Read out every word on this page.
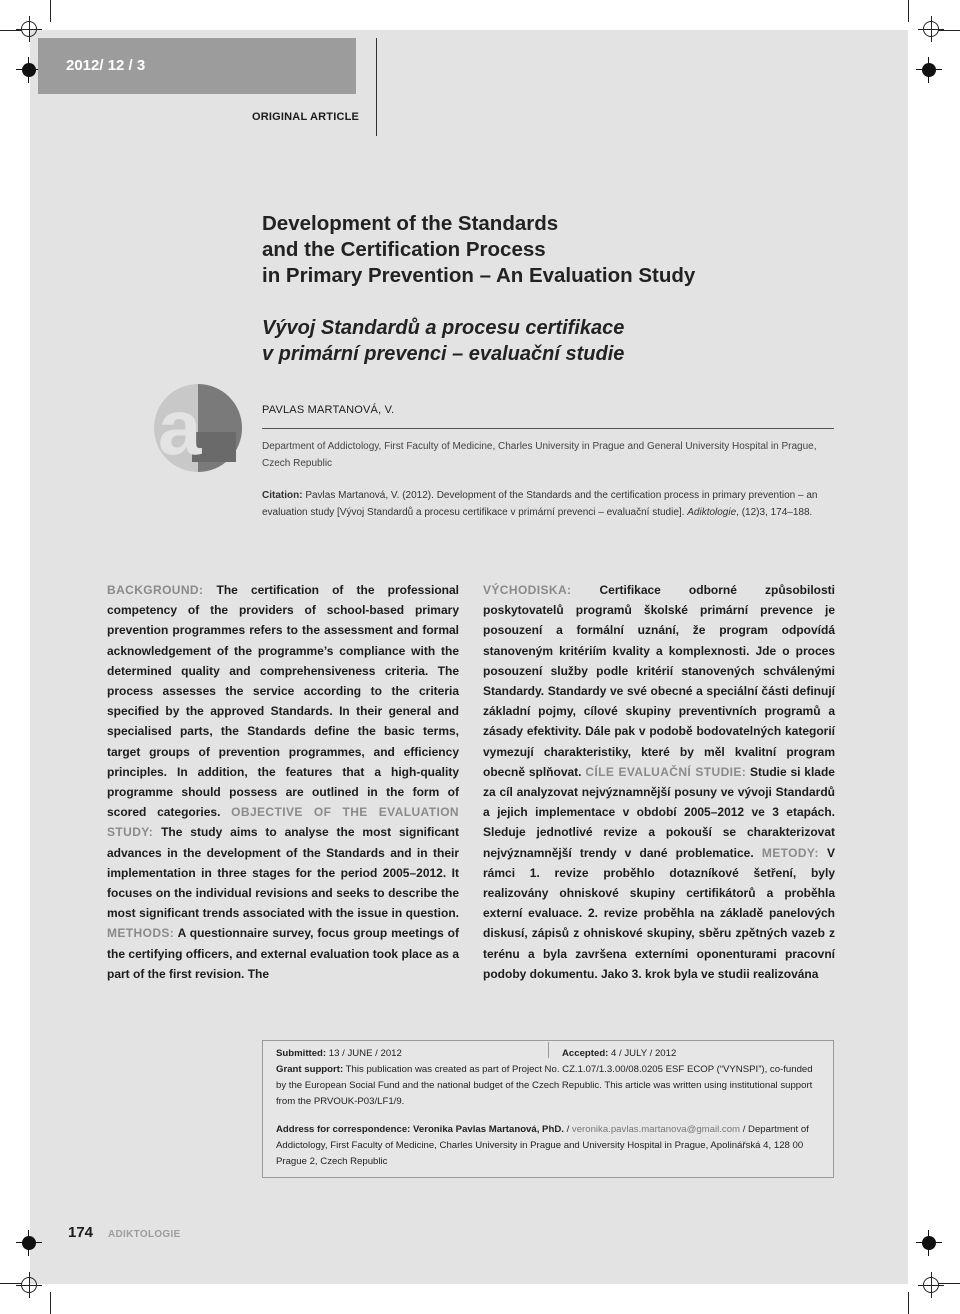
2012/ 12 / 3
ORIGINAL ARTICLE
Development of the Standards
and the Certification Process
in Primary Prevention – An Evaluation Study
Vývoj Standardů a procesu certifikace
v primární prevenci – evaluační studie
a	PAVLAS MARTANOVÁ, V.
Department of Addictology, First Faculty of Medicine, Charles University in Prague and General University Hospital in Prague, Czech Republic
Citation: Pavlas Martanová, V. (2012). Development of the Standards and the certification process in primary prevention – an evaluation study [Vývoj Standardů a procesu certifikace v primární prevenci – evaluační studie]. Adiktologie, (12)3, 174–188.
BACKGROUND: The certification of the professional competency of the providers of school-based primary prevention programmes refers to the assessment and formal acknowledgement of the programme’s compliance with the determined quality and comprehensiveness criteria. The process assesses the service according to the criteria specified by the approved Standards. In their general and specialised parts, the Standards define the basic terms, target groups of prevention programmes, and efficiency principles. In addition, the features that a high-quality programme should possess are outlined in the form of scored categories. OBJECTIVE OF THE EVALUATION STUDY: The study aims to analyse the most significant advances in the development of the Standards and in their implementation in three stages for the period 2005–2012. It focuses on the individual revisions and seeks to describe the most significant trends associated with the issue in question. METHODS: A questionnaire survey, focus group meetings of the certifying officers, and external evaluation took place as a part of the first revision. The
VÝCHODISKA: Certifikace odborné způsobilosti poskytovatelů programů školské primární prevence je posouzení a formální uznání, že program odpovídá stanoveným kritériím kvality a komplexnosti. Jde o proces posouzení služby podle kritérií stanovených schválenými Standardy. Standardy ve své obecné a speciální části definují základní pojmy, cílové skupiny preventivních programů a zásady efektivity. Dále pak v podobě bodovatelných kategorií vymezují charakteristiky, které by měl kvalitní program obecně splňovat. CÍLE EVALUAČNÍ STUDIE: Studie si klade za cíl analyzovat nejvýznamnější posuny ve vývoji Standardů a jejich implementace v období 2005–2012 ve 3 etapách. Sleduje jednotlivé revize a pokouší se charakterizovat nejvýznamnější trendy v dané problematice. METODY: V rámci 1. revize proběhlo dotazníkové šetření, byly realizovány ohniskové skupiny certifikátorů a proběhla externí evaluace. 2. revize proběhla na základě panelových diskusí, zápisů z ohniskové skupiny, sběru zpětných vazeb z terénu a byla završena externími oponenturami pracovní podoby dokumentu. Jako 3. krok byla ve studii realizována
Submitted: 13 / JUNE / 2012	Accepted: 4 / JULY / 2012
Grant support: This publication was created as part of Project No. CZ.1.07/1.3.00/08.0205 ESF ECOP (“VYNSPI”), co-funded by the European Social Fund and the national budget of the Czech Republic. This article was written using institutional support from the PRVOUK-P03/LF1/9.
Address for correspondence: Veronika Pavlas Martanová, PhD. / veronika.pavlas.martanova@gmail.com / Department of Addictology, First Faculty of Medicine, Charles University in Prague and University Hospital in Prague, Apolinářská 4, 128 00 Prague 2, Czech Republic
174 ADIKTOLOGIE
